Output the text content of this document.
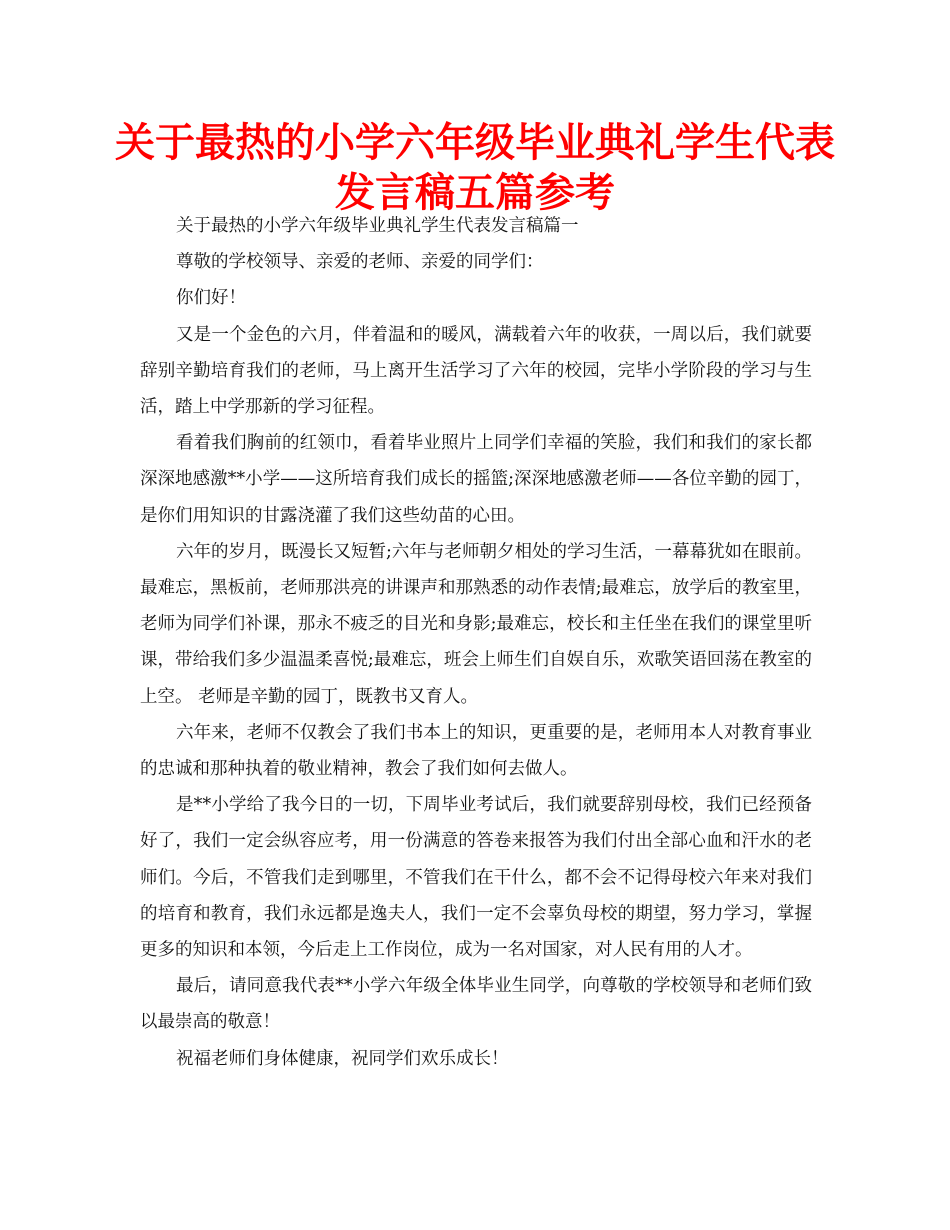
关于最热的小学六年级毕业典礼学生代表
发言稿五篇参考

关于最热的小学六年级毕业典礼学生代表发言稿篇一

尊敬的学校领导、亲爱的老师、亲爱的同学们：

你们好！

又是一个金色的六月，伴着温和的暖风，满载着六年的收获，一周以后，我们就要辞别辛勤培育我们的老师，马上离开生活学习了六年的校园，完毕小学阶段的学习与生活，踏上中学那新的学习征程。

看着我们胸前的红领巾，看着毕业照片上同学们幸福的笑脸，我们和我们的家长都深深地感激**小学——这所培育我们成长的摇篮;深深地感激老师——各位辛勤的园丁，是你们用知识的甘露浇灌了我们这些幼苗的心田。

六年的岁月，既漫长又短暂;六年与老师朝夕相处的学习生活，一幕幕犹如在眼前。 最难忘，黑板前，老师那洪亮的讲课声和那熟悉的动作表情;最难忘，放学后的教室里，老师为同学们补课，那永不疲乏的目光和身影;最难忘，校长和主任坐在我们的课堂里听课，带给我们多少温温柔喜悦;最难忘，班会上师生们自娱自乐，欢歌笑语回荡在教室的上空。 老师是辛勤的园丁，既教书又育人。

六年来，老师不仅教会了我们书本上的知识，更重要的是，老师用本人对教育事业的忠诚和那种执着的敬业精神，教会了我们如何去做人。

是**小学给了我今日的一切，下周毕业考试后，我们就要辞别母校，我们已经预备好了，我们一定会纵容应考，用一份满意的答卷来报答为我们付出全部心血和汗水的老师们。今后，不管我们走到哪里，不管我们在干什么，都不会不记得母校六年来对我们的培育和教育，我们永远都是逸夫人，我们一定不会辜负母校的期望，努力学习，掌握更多的知识和本领，今后走上工作岗位，成为一名对国家，对人民有用的人才。

最后，请同意我代表**小学六年级全体毕业生同学，向尊敬的学校领导和老师们致以最崇高的敬意！

祝福老师们身体健康，祝同学们欢乐成长！
